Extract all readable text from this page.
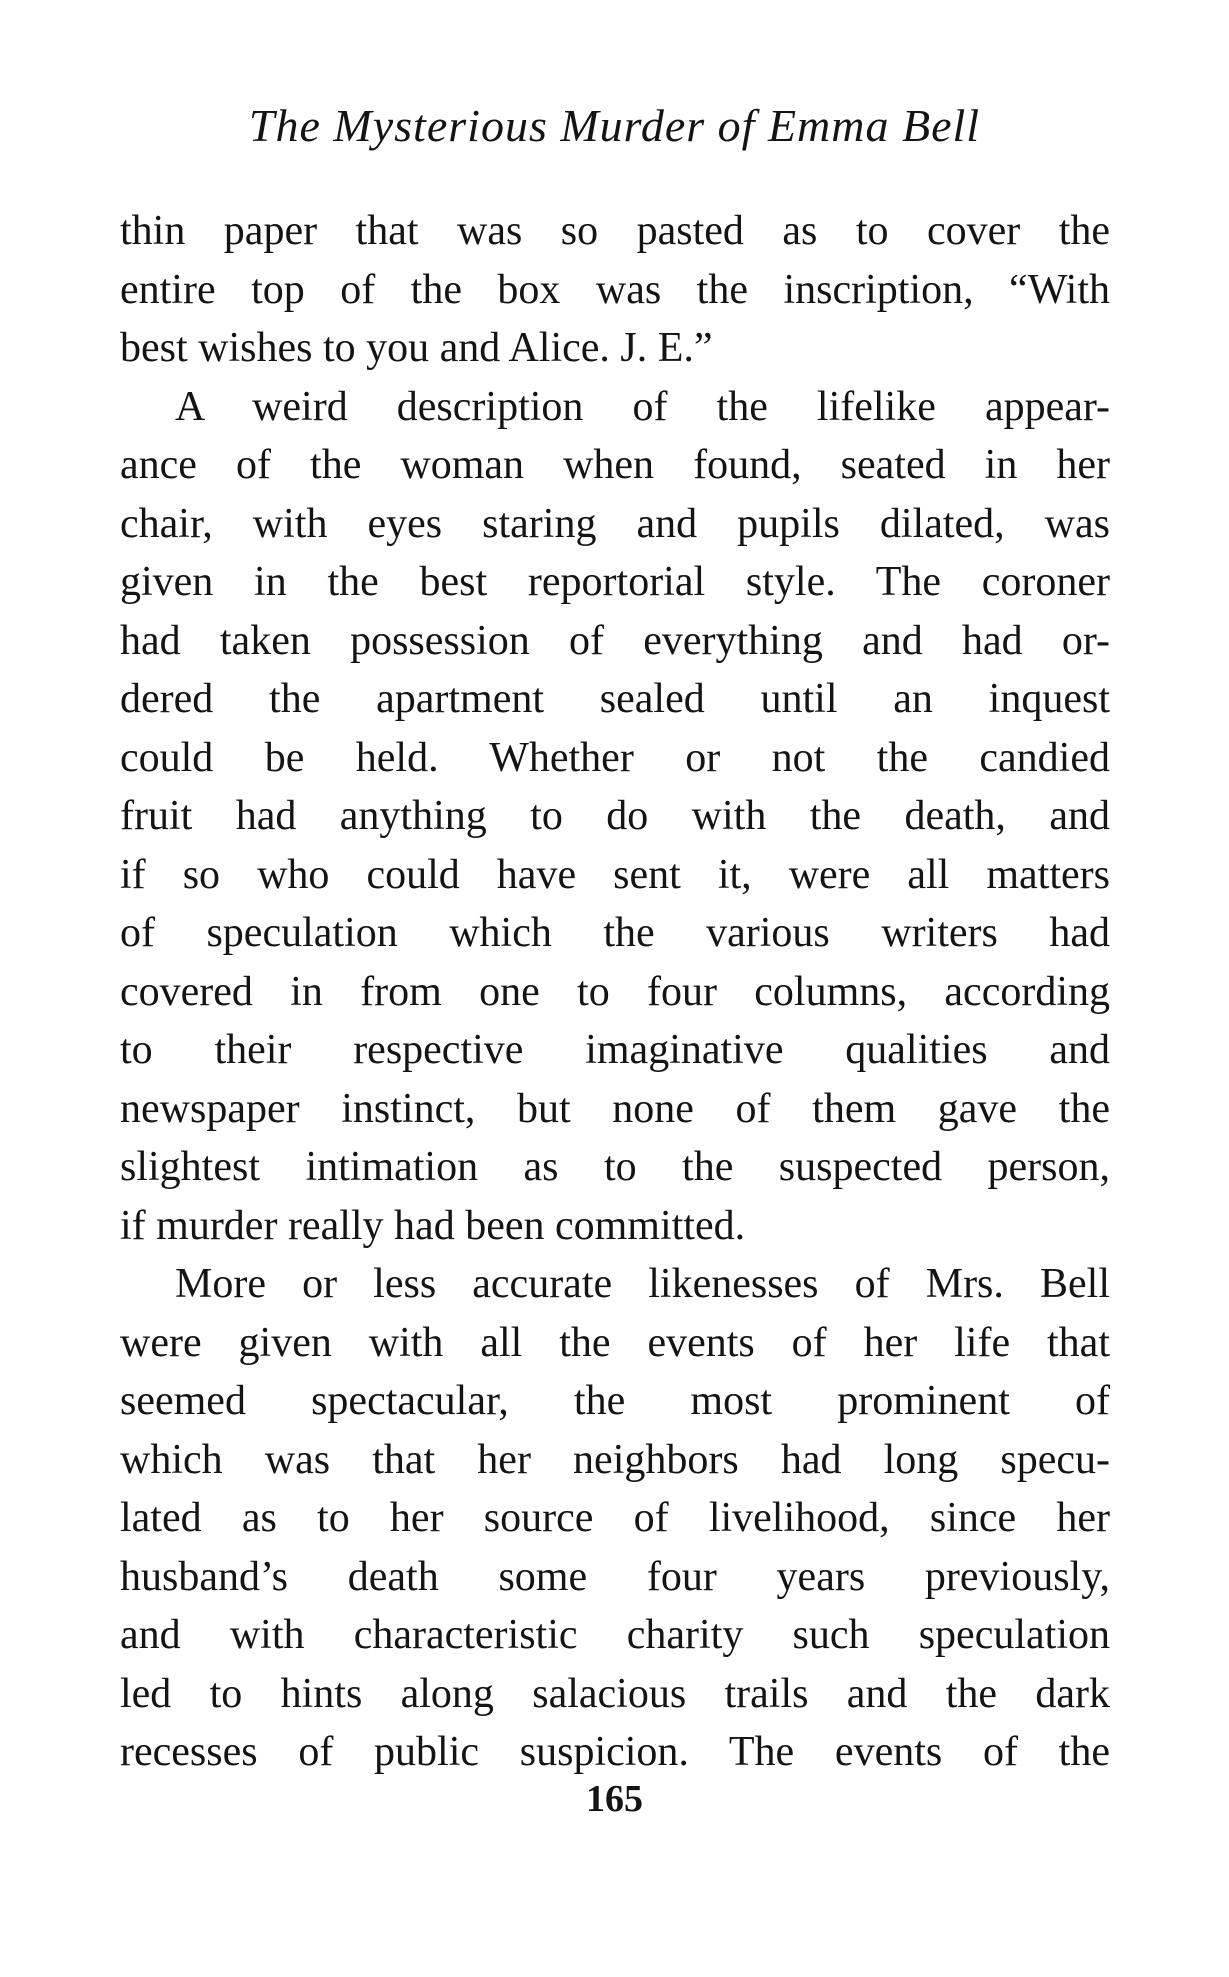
The Mysterious Murder of Emma Bell
thin paper that was so pasted as to cover the
entire top of the box was the inscription, “With
best wishes to you and Alice. J. E.”
A weird description of the lifelike appear-
ance of the woman when found, seated in her
chair, with eyes staring and pupils dilated, was
given in the best reportorial style. The coroner
had taken possession of everything and had or-
dered the apartment sealed until an inquest
could be held. Whether or not the candied
fruit had anything to do with the death, and
if so who could have sent it, were all matters
of speculation which the various writers had
covered in from one to four columns, according
to their respective imaginative qualities and
newspaper instinct, but none of them gave the
slightest intimation as to the suspected person,
if murder really had been committed.
More or less accurate likenesses of Mrs. Bell
were given with all the events of her life that
seemed spectacular, the most prominent of
which was that her neighbors had long specu-
lated as to her source of livelihood, since her
husband’s death some four years previously,
and with characteristic charity such speculation
led to hints along salacious trails and the dark
recesses of public suspicion. The events of the
165
